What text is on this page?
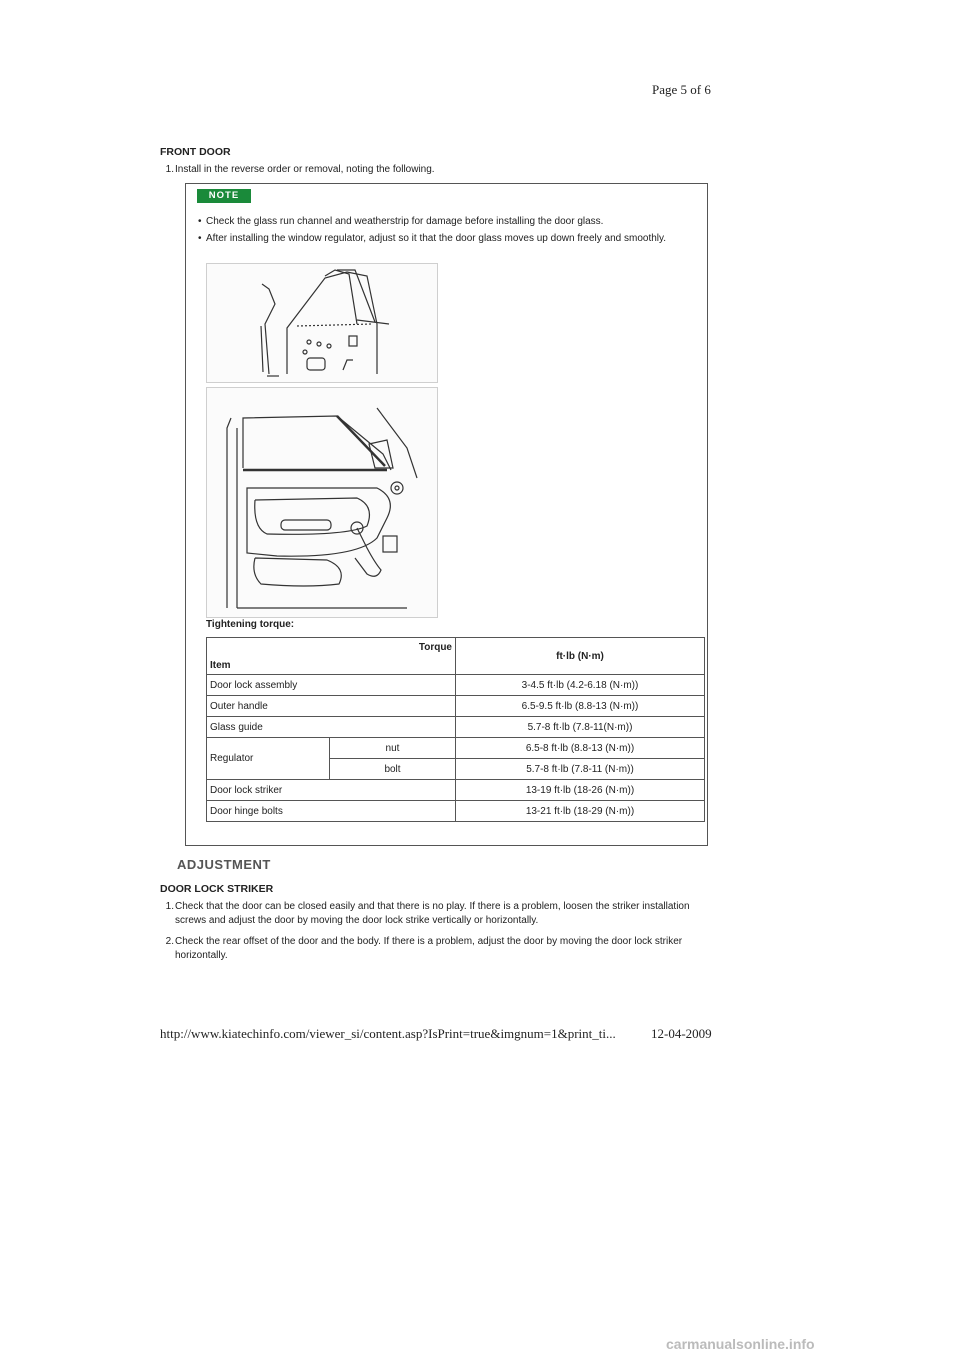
Page 5 of 6
FRONT DOOR
1. Install in the reverse order or removal, noting the following.
NOTE
• Check the glass run channel and weatherstrip for damage before installing the door glass.
• After installing the window regulator, adjust so it that the door glass moves up down freely and smoothly.
Tightening torque:
Torque		ft·lb (N·m)
Item		
Door lock assembly		3-4.5 ft·lb (4.2-6.18 (N·m))
Outer handle		6.5-9.5 ft·lb (8.8-13 (N·m))
Glass guide		5.7-8 ft·lb (7.8-11(N·m))
Regulator	nut	6.5-8 ft·lb (8.8-13 (N·m))
	bolt	5.7-8 ft·lb (7.8-11 (N·m))
Door lock striker		13-19 ft·lb (18-26 (N·m))
Door hinge bolts		13-21 ft·lb (18-29 (N·m))
ADJUSTMENT
DOOR LOCK STRIKER
1. Check that the door can be closed easily and that there is no play. If there is a problem, loosen the striker installation screws and adjust the door by moving the door lock strike vertically or horizontally.
2. Check the rear offset of the door and the body. If there is a problem, adjust the door by moving the door lock striker horizontally.
http://www.kiatechinfo.com/viewer_si/content.asp?IsPrint=true&imgnum=1&print_ti...	12-04-2009
carmanualsonline.info
